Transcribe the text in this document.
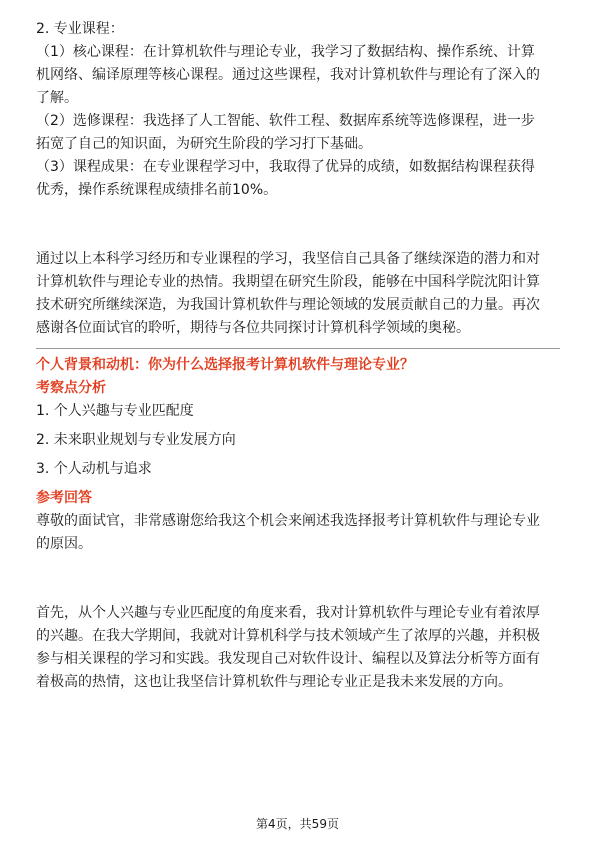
2. 专业课程：
（1）核心课程：在计算机软件与理论专业，我学习了数据结构、操作系统、计算
机网络、编译原理等核心课程。通过这些课程，我对计算机软件与理论有了深入的
了解。
（2）选修课程：我选择了人工智能、软件工程、数据库系统等选修课程，进一步
拓宽了自己的知识面，为研究生阶段的学习打下基础。
（3）课程成果：在专业课程学习中，我取得了优异的成绩，如数据结构课程获得
优秀，操作系统课程成绩排名前10%。
通过以上本科学习经历和专业课程的学习，我坚信自己具备了继续深造的潜力和对
计算机软件与理论专业的热情。我期望在研究生阶段，能够在中国科学院沈阳计算
技术研究所继续深造，为我国计算机软件与理论领域的发展贡献自己的力量。再次
感谢各位面试官的聆听，期待与各位共同探讨计算机科学领域的奥秘。
个人背景和动机：你为什么选择报考计算机软件与理论专业？
考察点分析
1. 个人兴趣与专业匹配度
2. 未来职业规划与专业发展方向
3. 个人动机与追求
参考回答
尊敬的面试官，非常感谢您给我这个机会来阐述我选择报考计算机软件与理论专业
的原因。
首先，从个人兴趣与专业匹配度的角度来看，我对计算机软件与理论专业有着浓厚
的兴趣。在我大学期间，我就对计算机科学与技术领域产生了浓厚的兴趣，并积极
参与相关课程的学习和实践。我发现自己对软件设计、编程以及算法分析等方面有
着极高的热情，这也让我坚信计算机软件与理论专业正是我未来发展的方向。
第4页，共59页
